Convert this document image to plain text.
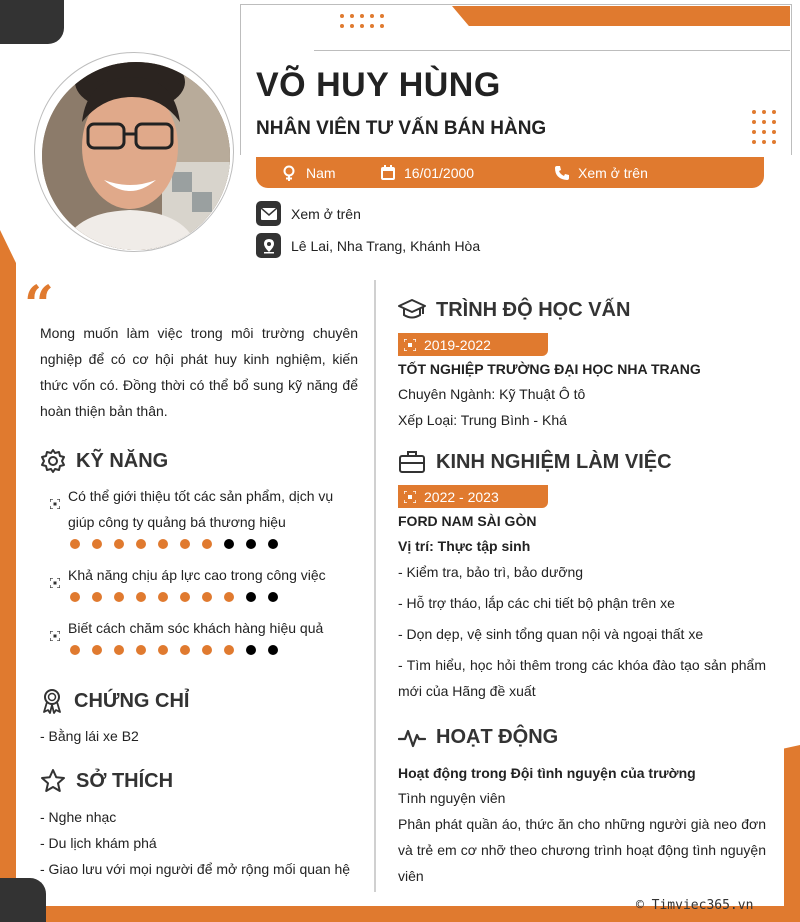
VÕ HUY HÙNG
NHÂN VIÊN TƯ VẤN BÁN HÀNG
Nam	16/01/2000	Xem ở trên
Xem ở trên
Lê Lai, Nha Trang, Khánh Hòa
“
Mong muốn làm việc trong môi trường chuyên nghiệp để có cơ hội phát huy kinh nghiệm, kiến thức vốn có. Đồng thời có thể bổ sung kỹ năng để hoàn thiện bản thân.
KỸ NĂNG
Có thể giới thiệu tốt các sản phẩm, dịch vụ giúp công ty quảng bá thương hiệu
Khả năng chịu áp lực cao trong công việc
Biết cách chăm sóc khách hàng hiệu quả
CHỨNG CHỈ
- Bằng lái xe B2
SỞ THÍCH
- Nghe nhạc
- Du lịch khám phá
- Giao lưu với mọi người để mở rộng mối quan hệ
TRÌNH ĐỘ HỌC VẤN
2019-2022
TỐT NGHIỆP TRƯỜNG ĐẠI HỌC NHA TRANG
Chuyên Ngành: Kỹ Thuật Ô tô
Xếp Loại: Trung Bình - Khá
KINH NGHIỆM LÀM VIỆC
2022 - 2023
FORD NAM SÀI GÒN
Vị trí: Thực tập sinh
- Kiểm tra, bảo trì, bảo dưỡng
- Hỗ trợ tháo, lắp các chi tiết bộ phận trên xe
- Dọn dẹp, vệ sinh tổng quan nội và ngoại thất xe
- Tìm hiểu, học hỏi thêm trong các khóa đào tạo sản phẩm mới của Hãng đề xuất
HOẠT ĐỘNG
Hoạt động trong Đội tình nguyện của trường
Tình nguyện viên
Phân phát quần áo, thức ăn cho những người già neo đơn và trẻ em cơ nhỡ theo chương trình hoạt động tình nguyện viên
© Timviec365.vn
